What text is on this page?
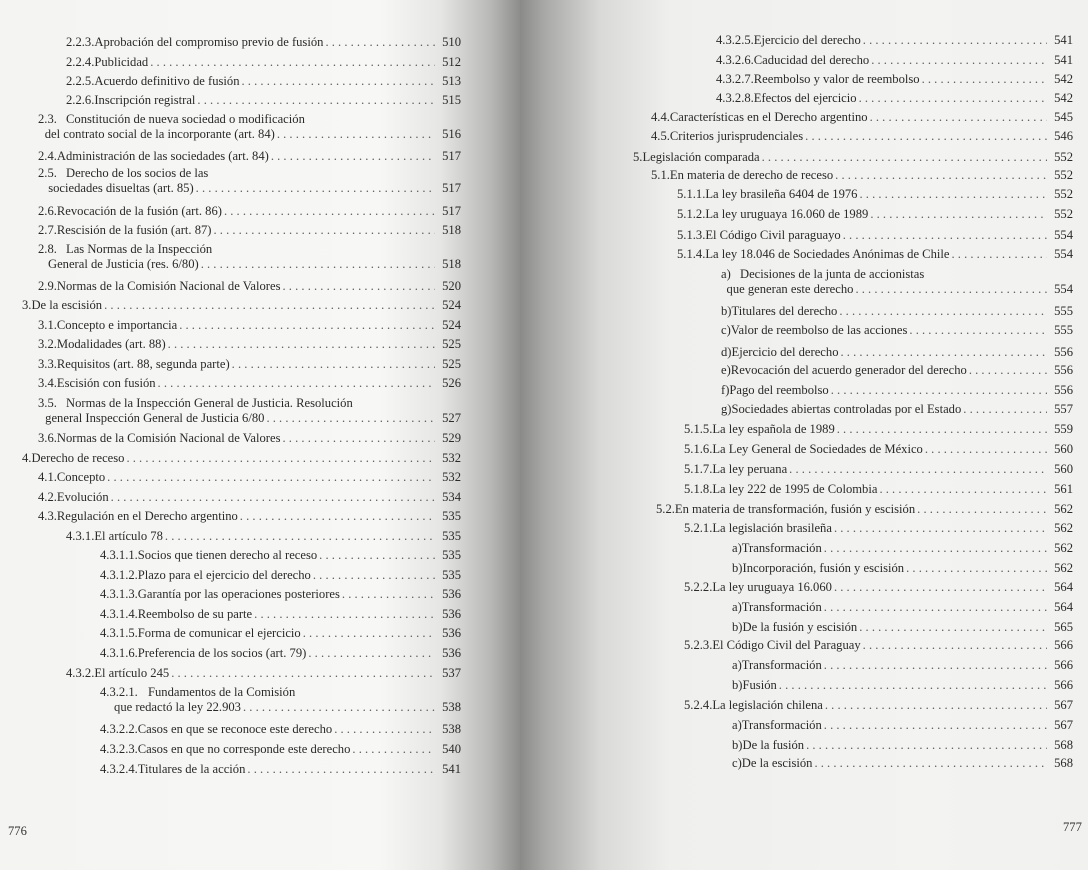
2.2.3. Aprobación del compromiso previo de fusión . . .	510
2.2.4. Publicidad . . .	512
2.2.5. Acuerdo definitivo de fusión . . .	513
2.2.6. Inscripción registral . . .	515
2.3. Constitución de nueva sociedad o modificación
del contrato social de la incorporante (art. 84) . . .	516
2.4. Administración de las sociedades (art. 84) . . .	517
2.5. Derecho de los socios de las
sociedades disueltas (art. 85) . . .	517
2.6. Revocación de la fusión (art. 86) . . .	517
2.7. Rescisión de la fusión (art. 87) . . .	518
2.8. Las Normas de la Inspección
General de Justicia (res. 6/80) . . .	518
2.9. Normas de la Comisión Nacional de Valores . . .	520
3. De la escisión . . .	524
3.1. Concepto e importancia . . .	524
3.2. Modalidades (art. 88) . . .	525
3.3. Requisitos (art. 88, segunda parte) . . .	525
3.4. Escisión con fusión . . .	526
3.5. Normas de la Inspección General de Justicia. Resolución
general Inspección General de Justicia 6/80 . . .	527
3.6. Normas de la Comisión Nacional de Valores . . .	529
4. Derecho de receso . . .	532
4.1. Concepto . . .	532
4.2. Evolución . . .	534
4.3. Regulación en el Derecho argentino . . .	535
4.3.1. El artículo 78 . . .	535
4.3.1.1. Socios que tienen derecho al receso . . .	535
4.3.1.2. Plazo para el ejercicio del derecho . . .	535
4.3.1.3. Garantía por las operaciones posteriores . . .	536
4.3.1.4. Reembolso de su parte . . .	536
4.3.1.5. Forma de comunicar el ejercicio . . .	536
4.3.1.6. Preferencia de los socios (art. 79) . . .	536
4.3.2. El artículo 245 . . .	537
4.3.2.1. Fundamentos de la Comisión
que redactó la ley 22.903 . . .	538
4.3.2.2. Casos en que se reconoce este derecho . . .	538
4.3.2.3. Casos en que no corresponde este derecho . . .	540
4.3.2.4. Titulares de la acción . . .	541
4.3.2.5. Ejercicio del derecho . . .	541
4.3.2.6. Caducidad del derecho . . .	541
4.3.2.7. Reembolso y valor de reembolso . . .	542
4.3.2.8. Efectos del ejercicio . . .	542
4.4. Características en el Derecho argentino . . .	545
4.5. Criterios jurisprudenciales . . .	546
5. Legislación comparada . . .	552
5.1. En materia de derecho de receso . . .	552
5.1.1. La ley brasileña 6404 de 1976 . . .	552
5.1.2. La ley uruguaya 16.060 de 1989 . . .	552
5.1.3. El Código Civil paraguayo . . .	554
5.1.4. La ley 18.046 de Sociedades Anónimas de Chile . . .	554
a) Decisiones de la junta de accionistas
que generan este derecho . . .	554
b) Titulares del derecho . . .	555
c) Valor de reembolso de las acciones . . .	555
d) Ejercicio del derecho . . .	556
e) Revocación del acuerdo generador del derecho . . .	556
f) Pago del reembolso . . .	556
g) Sociedades abiertas controladas por el Estado . . .	557
5.1.5. La ley española de 1989 . . .	559
5.1.6. La Ley General de Sociedades de México . . .	560
5.1.7. La ley peruana . . .	560
5.1.8. La ley 222 de 1995 de Colombia . . .	561
5.2. En materia de transformación, fusión y escisión . . .	562
5.2.1. La legislación brasileña . . .	562
a) Transformación . . .	562
b) Incorporación, fusión y escisión . . .	562
5.2.2. La ley uruguaya 16.060 . . .	564
a) Transformación . . .	564
b) De la fusión y escisión . . .	565
5.2.3. El Código Civil del Paraguay . . .	566
a) Transformación . . .	566
b) Fusión . . .	566
5.2.4. La legislación chilena . . .	567
a) Transformación . . .	567
b) De la fusión . . .	568
c) De la escisión . . .	568
776	777
